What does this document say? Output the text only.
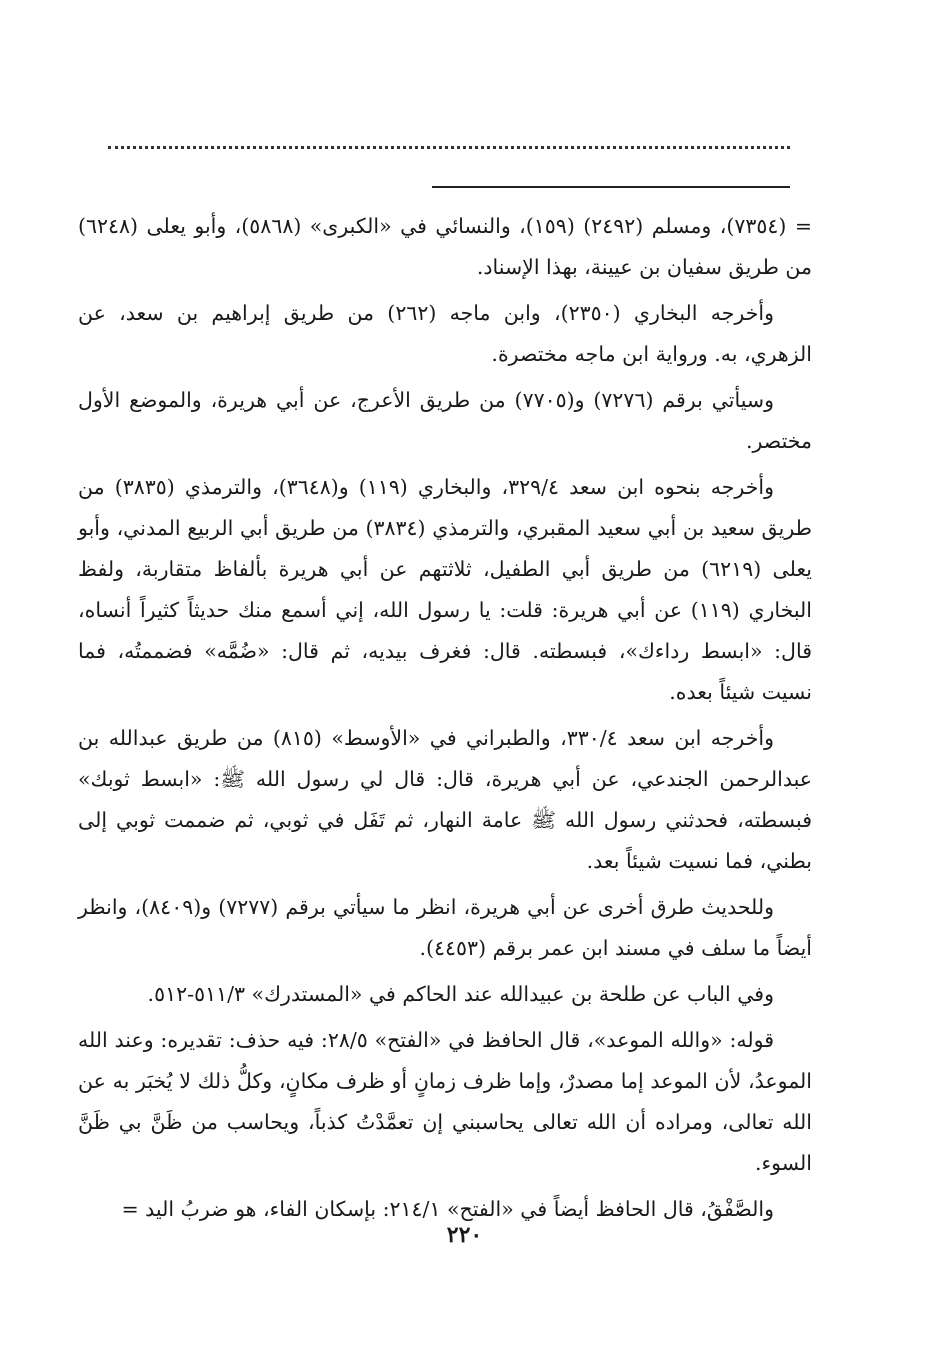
= (٧٣٥٤)، ومسلم (٢٤٩٢) (١٥٩)، والنسائي في «الكبرى» (٥٨٦٨)، وأبو يعلى (٦٢٤٨) من طريق سفيان بن عيينة، بهذا الإسناد.

وأخرجه البخاري (٢٣٥٠)، وابن ماجه (٢٦٢) من طريق إبراهيم بن سعد، عن الزهري، به. ورواية ابن ماجه مختصرة.

وسيأتي برقم (٧٢٧٦) و(٧٧٠٥) من طريق الأعرج، عن أبي هريرة، والموضع الأول مختصر.

وأخرجه بنحوه ابن سعد ٣٢٩/٤، والبخاري (١١٩) و(٣٦٤٨)، والترمذي (٣٨٣٥) من طريق سعيد بن أبي سعيد المقبري، والترمذي (٣٨٣٤) من طريق أبي الربيع المدني، وأبو يعلى (٦٢١٩) من طريق أبي الطفيل، ثلاثتهم عن أبي هريرة بألفاظ متقاربة، ولفظ البخاري (١١٩) عن أبي هريرة: قلت: يا رسول الله، إني أسمع منك حديثاً كثيراً أنساه، قال: «ابسط رداءك»، فبسطته. قال: فغرف بيديه، ثم قال: «ضُمَّه» فضممتُه، فما نسيت شيئاً بعده.

وأخرجه ابن سعد ٣٣٠/٤، والطبراني في «الأوسط» (٨١٥) من طريق عبدالله بن عبدالرحمن الجندعي، عن أبي هريرة، قال: قال لي رسول الله ﷺ: «ابسط ثوبك» فبسطته، فحدثني رسول الله ﷺ عامة النهار، ثم تَفَل في ثوبي، ثم ضممت ثوبي إلى بطني، فما نسيت شيئاً بعد.

وللحديث طرق أخرى عن أبي هريرة، انظر ما سيأتي برقم (٧٢٧٧) و(٨٤٠٩)، وانظر أيضاً ما سلف في مسند ابن عمر برقم (٤٤٥٣).

وفي الباب عن طلحة بن عبيدالله عند الحاكم في «المستدرك» ٥١١/٣-٥١٢.

قوله: «والله الموعد»، قال الحافظ في «الفتح» ٢٨/٥: فيه حذف: تقديره: وعند الله الموعدُ، لأن الموعد إما مصدرٌ، وإما ظرف زمانٍ أو ظرف مكانٍ، وكلُّ ذلك لا يُخبَر به عن الله تعالى، ومراده أن الله تعالى يحاسبني إن تعمَّدْتُ كذباً، ويحاسب من ظَنَّ بي ظَنَّ السوء.

والصَّفْقُ، قال الحافظ أيضاً في «الفتح» ٢١٤/١: بإسكان الفاء، هو ضربُ اليد =

٢٢٠
